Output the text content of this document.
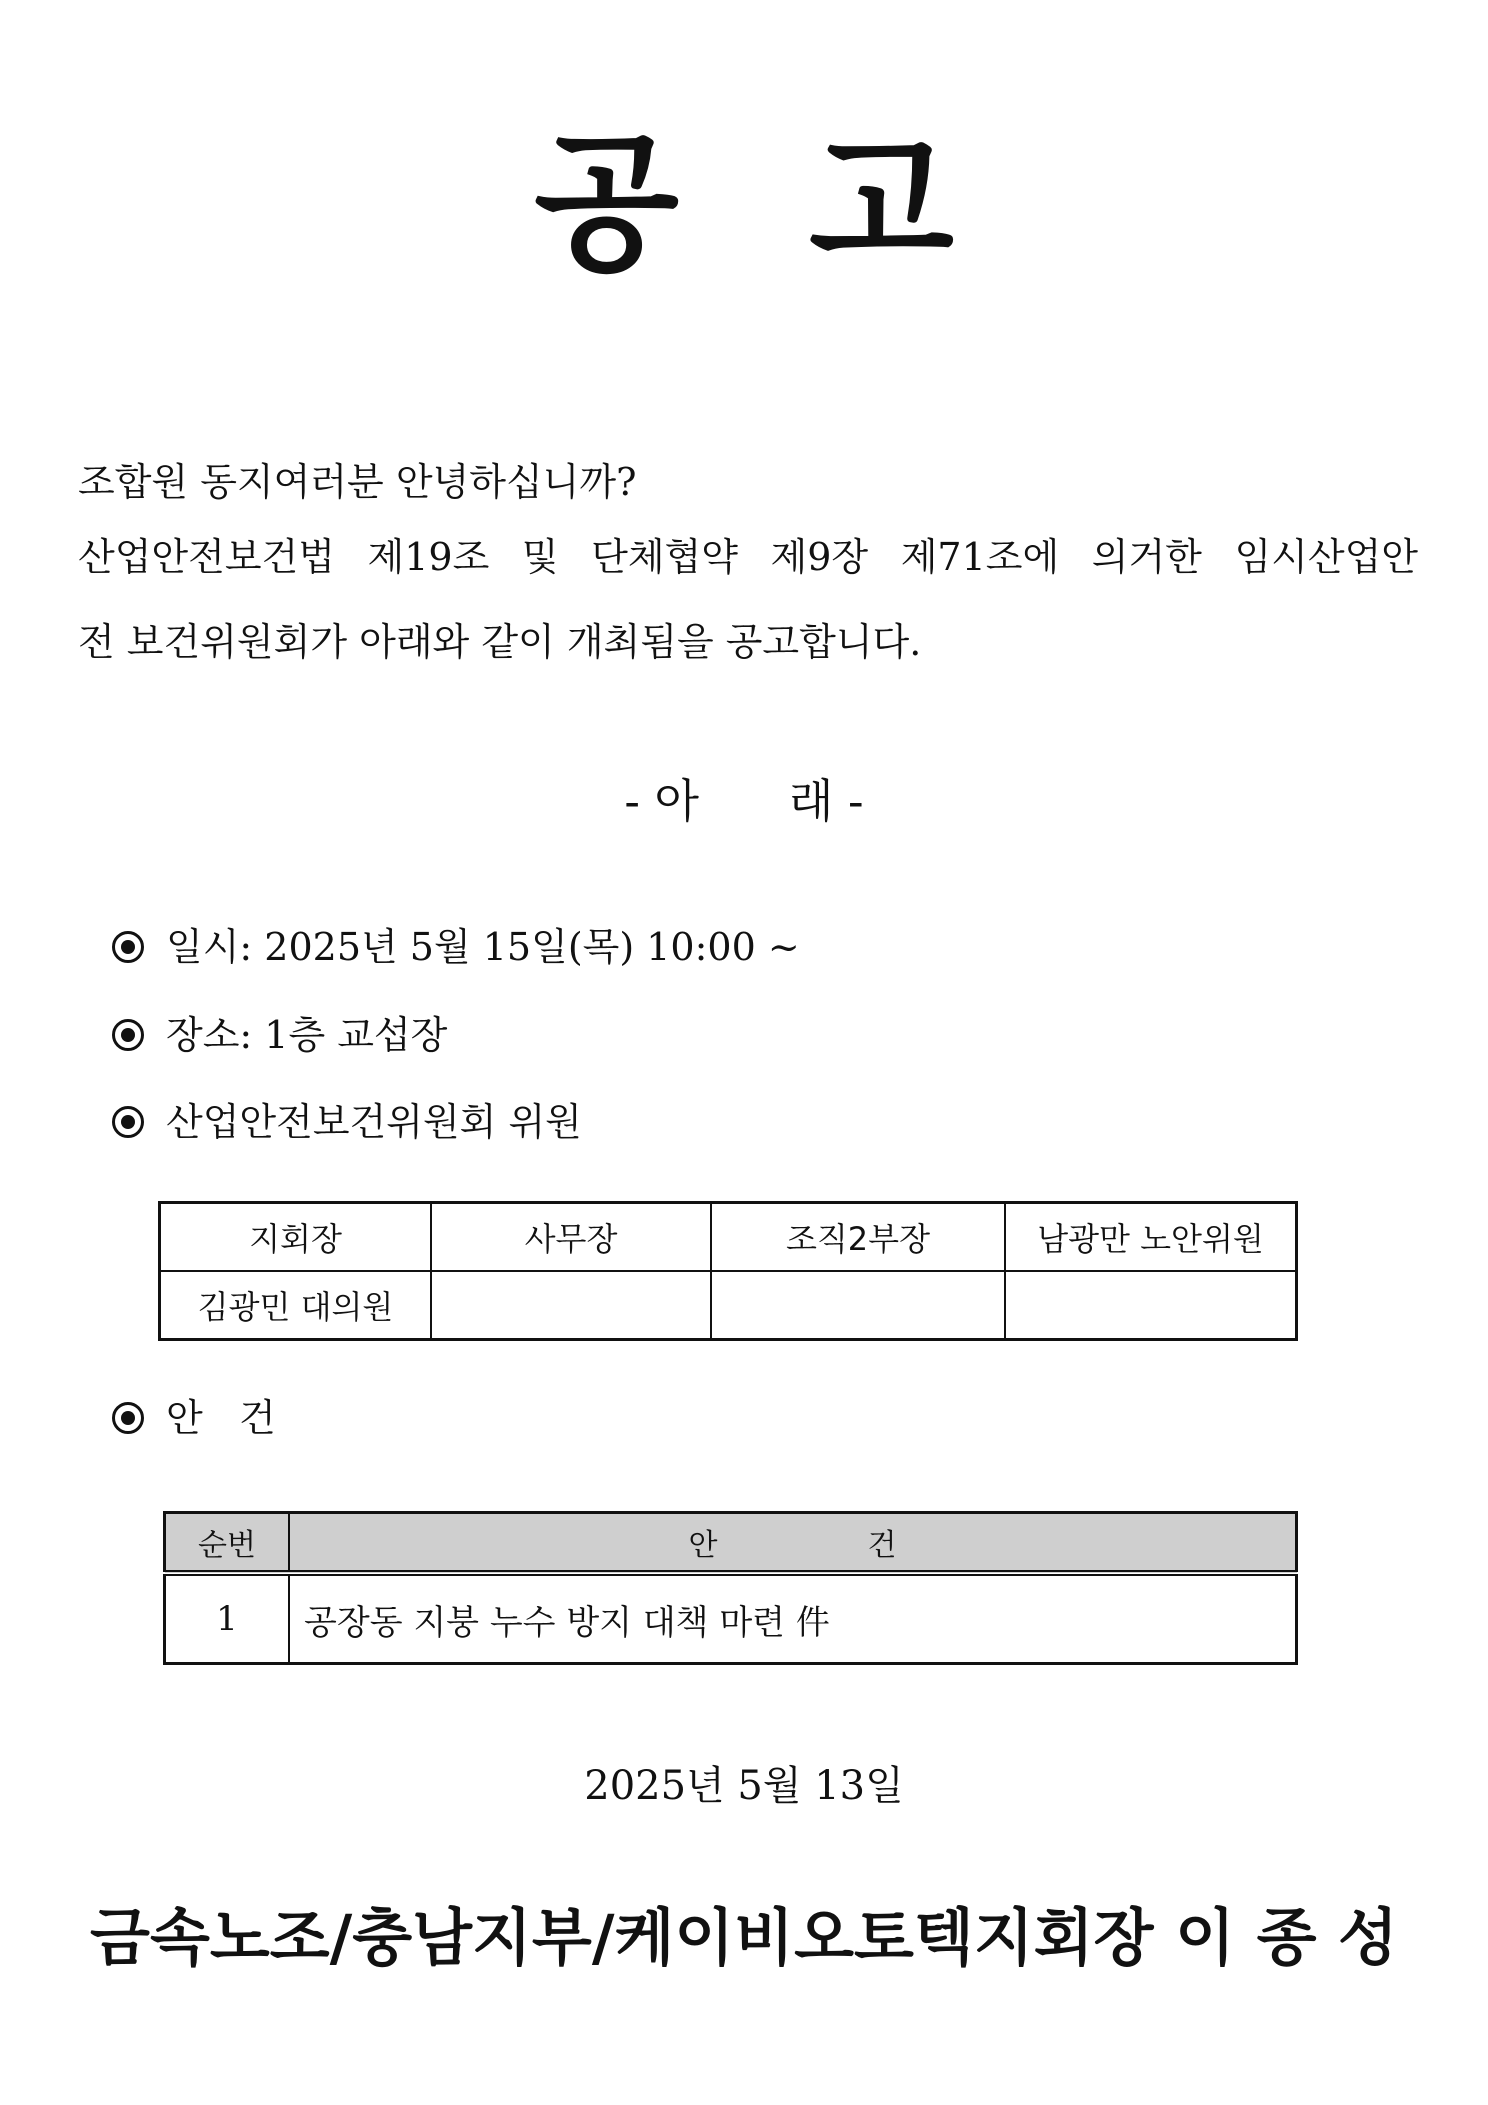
공 고
조합원 동지여러분 안녕하십니까?
산업안전보건법 제19조 및 단체협약 제9장 제71조에 의거한 임시산업안
전 보건위원회가 아래와 같이 개최됨을 공고합니다.
- 아 래 -
일시: 2025년 5월 15일(목) 10:00 ~
장소: 1층 교섭장
산업안전보건위원회 위원
지회장	사무장	조직2부장	남광만 노안위원
김광민 대의원			
안   건
순번	안 건
1	공장동 지붕 누수 방지 대책 마련 件
2025년 5월 13일
금속노조/충남지부/케이비오토텍지회장 이 종 성
